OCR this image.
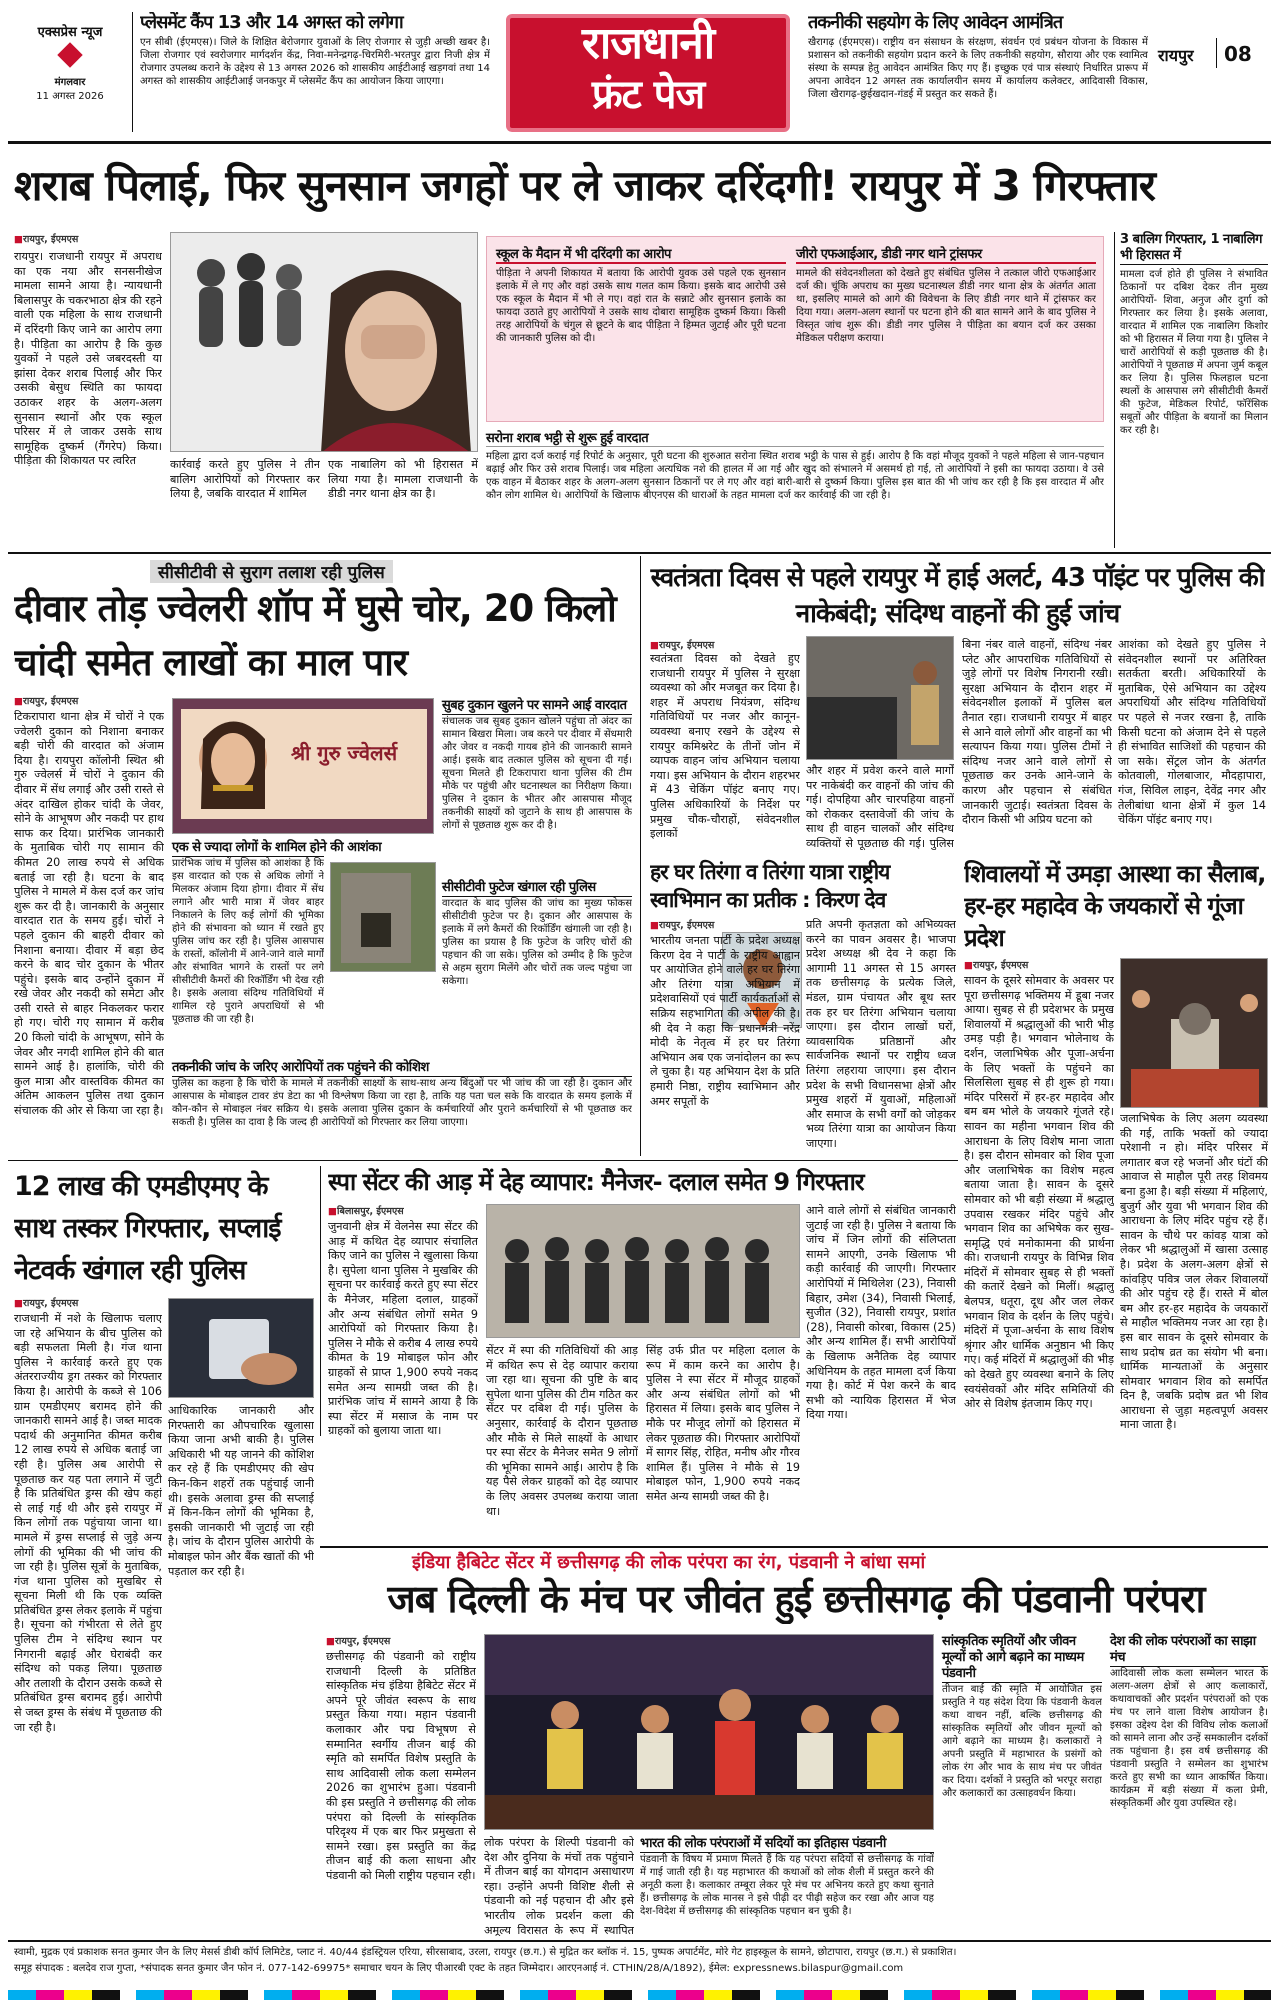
एक्सप्रेस न्यूज
मंगलवार
11 अगस्त 2026
प्लेसमेंट कैंप 13 और 14 अगस्त को लगेगा
एन सीबी (ईएमएस)। जिले के शिक्षित बेरोजगार युवाओं के लिए रोजगार से जुड़ी अच्छी खबर है। जिला रोजगार एवं स्वरोजगार मार्गदर्शन केंद्र, निवा-मनेन्द्रगढ़-चिरमिरी-भरतपुर द्वारा निजी क्षेत्र में रोजगार उपलब्ध कराने के उद्देश्य से 13 अगस्त 2026 को शासकीय आईटीआई खड़गवां तथा 14 अगस्त को शासकीय आईटीआई जनकपुर में प्लेसमेंट कैंप का आयोजन किया जाएगा।
राजधानी
फ्रंट पेज
तकनीकी सहयोग के लिए आवेदन आमंत्रित
खैरागढ़ (ईएमएस)। राष्ट्रीय वन संसाधन के संरक्षण, संवर्धन एवं प्रबंधन योजना के विकास में प्रशासन को तकनीकी सहयोग प्रदान करने के लिए तकनीकी सहयोग, सौराया और एक स्वामित्व संस्था के सम्पन्न हेतु आवेदन आमंत्रित किए गए हैं। इच्छुक एवं पात्र संस्थाएं निर्धारित प्रारूप में अपना आवेदन 12 अगस्त तक कार्यालयीन समय में कार्यालय कलेक्टर, आदिवासी विकास, जिला खैरागढ़-छुईखदान-गंडई में प्रस्तुत कर सकते हैं।
रायपुर 08
शराब पिलाई, फिर सुनसान जगहों पर ले जाकर दरिंदगी! रायपुर में 3 गिरफ्तार
■ रायपुर, ईएमएस
रायपुर। राजधानी रायपुर में अपराध का एक नया और सनसनीखेज मामला सामने आया है। न्यायधानी बिलासपुर के चकरभाठा क्षेत्र की रहने वाली एक महिला के साथ राजधानी में दरिंदगी किए जाने का आरोप लगा है। पीड़िता का आरोप है कि कुछ युवकों ने पहले उसे जबरदस्ती या झांसा देकर शराब पिलाई और फिर उसकी बेसुध स्थिति का फायदा उठाकर शहर के अलग-अलग सुनसान स्थानों और एक स्कूल परिसर में ले जाकर उसके साथ सामूहिक दुष्कर्म (गैंगरेप) किया। पीड़िता की शिकायत पर त्वरित	कार्रवाई करते हुए पुलिस ने तीन बालिग आरोपियों को गिरफ्तार कर लिया है, जबकि वारदात में शामिल
एक नाबालिग को भी हिरासत में लिया गया है। मामला राजधानी के डीडी नगर थाना क्षेत्र का है।
स्कूल के मैदान में भी दरिंदगी का आरोप
पीड़िता ने अपनी शिकायत में बताया कि आरोपी युवक उसे पहले एक सुनसान इलाके में ले गए और वहां उसके साथ गलत काम किया। इसके बाद आरोपी उसे एक स्कूल के मैदान में भी ले गए। वहां रात के सन्नाटे और सुनसान इलाके का फायदा उठाते हुए आरोपियों ने उसके साथ दोबारा सामूहिक दुष्कर्म किया। किसी तरह आरोपियों के चंगुल से छूटने के बाद पीड़िता ने हिम्मत जुटाई और पूरी घटना की जानकारी पुलिस को दी।
जीरो एफआईआर, डीडी नगर थाने ट्रांसफर
मामले की संवेदनशीलता को देखते हुए संबंधित पुलिस ने तत्काल जीरो एफआईआर दर्ज की। चूंकि अपराध का मुख्य घटनास्थल डीडी नगर थाना क्षेत्र के अंतर्गत आता था, इसलिए मामले को आगे की विवेचना के लिए डीडी नगर थाने में ट्रांसफर कर दिया गया। अलग-अलग स्थानों पर घटना होने की बात सामने आने के बाद पुलिस ने विस्तृत जांच शुरू की। डीडी नगर पुलिस ने पीड़िता का बयान दर्ज कर उसका मेडिकल परीक्षण कराया।
सरोना शराब भट्ठी से शुरू हुई वारदात
महिला द्वारा दर्ज कराई गई रिपोर्ट के अनुसार, पूरी घटना की शुरुआत सरोना स्थित शराब भट्ठी के पास से हुई। आरोप है कि वहां मौजूद युवकों ने पहले महिला से जान-पहचान बढ़ाई और फिर उसे शराब पिलाई। जब महिला अत्यधिक नशे की हालत में आ गई और खुद को संभालने में असमर्थ हो गई, तो आरोपियों ने इसी का फायदा उठाया। वे उसे एक वाहन में बैठाकर शहर के अलग-अलग सुनसान ठिकानों पर ले गए और वहां बारी-बारी से दुष्कर्म किया। पुलिस इस बात की भी जांच कर रही है कि इस वारदात में और कौन लोग शामिल थे। आरोपियों के खिलाफ बीएनएस की धाराओं के तहत मामला दर्ज कर कार्रवाई की जा रही है।
3 बालिग गिरफ्तार, 1 नाबालिग भी हिरासत में
मामला दर्ज होते ही पुलिस ने संभावित ठिकानों पर दबिश देकर तीन मुख्य आरोपियों- शिवा, अनुज और दुर्गा को गिरफ्तार कर लिया है। इसके अलावा, वारदात में शामिल एक नाबालिग किशोर को भी हिरासत में लिया गया है। पुलिस ने चारों आरोपियों से कड़ी पूछताछ की है। आरोपियों ने पूछताछ में अपना जुर्म कबूल कर लिया है। पुलिस फिलहाल घटना स्थलों के आसपास लगे सीसीटीवी कैमरों की फुटेज, मेडिकल रिपोर्ट, फॉरेंसिक सबूतों और पीड़िता के बयानों का मिलान कर रही है।
सीसीटीवी से सुराग तलाश रही पुलिस
दीवार तोड़ ज्वेलरी शॉप में घुसे चोर, 20 किलो चांदी समेत लाखों का माल पार
■ रायपुर, ईएमएस
टिकरापारा थाना क्षेत्र में चोरों ने एक ज्वेलरी दुकान को निशाना बनाकर बड़ी चोरी की वारदात को अंजाम दिया है। रायपुरा कॉलोनी स्थित श्री गुरु ज्वेलर्स में चोरों ने दुकान की दीवार में सेंध लगाई और उसी रास्ते से अंदर दाखिल होकर चांदी के जेवर, सोने के आभूषण और नकदी पर हाथ साफ कर दिया। प्रारंभिक जानकारी के मुताबिक चोरी गए सामान की कीमत 20 लाख रुपये से अधिक बताई जा रही है। घटना के बाद पुलिस ने मामले में केस दर्ज कर जांच शुरू कर दी है। जानकारी के अनुसार वारदात रात के समय हुई। चोरों ने पहले दुकान की बाहरी दीवार को निशाना बनाया। दीवार में बड़ा छेद करने के बाद चोर दुकान के भीतर पहुंचे। इसके बाद उन्होंने दुकान में रखे जेवर और नकदी को समेटा और उसी रास्ते से बाहर निकलकर फरार हो गए। चोरी गए सामान में करीब 20 किलो चांदी के आभूषण, सोने के जेवर और नगदी शामिल होने की बात सामने आई है। हालांकि, चोरी की कुल मात्रा और वास्तविक कीमत का अंतिम आकलन पुलिस तथा दुकान संचालक की ओर से किया जा रहा है।
श्री गुरु ज्वेलर्स
सुबह दुकान खुलने पर सामने आई वारदात
संचालक जब सुबह दुकान खोलने पहुंचा तो अंदर का सामान बिखरा मिला। जब करने पर दीवार में सेंधमारी और जेवर व नकदी गायब होने की जानकारी सामने आई। इसके बाद तत्काल पुलिस को सूचना दी गई। सूचना मिलते ही टिकरापारा थाना पुलिस की टीम मौके पर पहुंची और घटनास्थल का निरीक्षण किया। पुलिस ने दुकान के भीतर और आसपास मौजूद तकनीकी साक्ष्यों को जुटाने के साथ ही आसपास के लोगों से पूछताछ शुरू कर दी है।
एक से ज्यादा लोगों के शामिल होने की आशंका
प्रारंभिक जांच में पुलिस को आशंका है कि इस वारदात को एक से अधिक लोगों ने मिलकर अंजाम दिया होगा। दीवार में सेंध लगाने और भारी मात्रा में जेवर बाहर निकालने के लिए कई लोगों की भूमिका होने की संभावना को ध्यान में रखते हुए पुलिस जांच कर रही है। पुलिस आसपास के रास्तों, कॉलोनी में आने-जाने वाले मार्गों और संभावित भागने के रास्तों पर लगे सीसीटीवी कैमरों की रिकॉर्डिंग भी देख रही है। इसके अलावा संदिग्ध गतिविधियों में शामिल रहे पुराने अपराधियों से भी पूछताछ की जा रही है।
सीसीटीवी फुटेज खंगाल रही पुलिस
वारदात के बाद पुलिस की जांच का मुख्य फोकस सीसीटीवी फुटेज पर है। दुकान और आसपास के इलाके में लगे कैमरों की रिकॉर्डिंग खंगाली जा रही है। पुलिस का प्रयास है कि फुटेज के जरिए चोरों की पहचान की जा सके। पुलिस को उम्मीद है कि फुटेज से अहम सुराग मिलेंगे और चोरों तक जल्द पहुंचा जा सकेगा।
तकनीकी जांच के जरिए आरोपियों तक पहुंचने की कोशिश
पुलिस का कहना है कि चोरी के मामले में तकनीकी साक्ष्यों के साथ-साथ अन्य बिंदुओं पर भी जांच की जा रही है। दुकान और आसपास के मोबाइल टावर डंप डेटा का भी विश्लेषण किया जा रहा है, ताकि यह पता चल सके कि वारदात के समय इलाके में कौन-कौन से मोबाइल नंबर सक्रिय थे। इसके अलावा पुलिस दुकान के कर्मचारियों और पुराने कर्मचारियों से भी पूछताछ कर सकती है। पुलिस का दावा है कि जल्द ही आरोपियों को गिरफ्तार कर लिया जाएगा।
स्वतंत्रता दिवस से पहले रायपुर में हाई अलर्ट, 43 पॉइंट पर पुलिस की नाकेबंदी; संदिग्ध वाहनों की हुई जांच
■ रायपुर, ईएमएस
स्वतंत्रता दिवस को देखते हुए राजधानी रायपुर में पुलिस ने सुरक्षा व्यवस्था को और मजबूत कर दिया है। शहर में अपराध नियंत्रण, संदिग्ध गतिविधियों पर नजर और कानून-व्यवस्था बनाए रखने के उद्देश्य से रायपुर कमिश्नरेट के तीनों जोन में व्यापक वाहन जांच अभियान चलाया गया। इस अभियान के दौरान शहरभर में 43 चेकिंग पॉइंट बनाए गए। पुलिस अधिकारियों के निर्देश पर प्रमुख चौक-चौराहों, संवेदनशील इलाकों
और शहर में प्रवेश करने वाले मार्गों पर नाकेबंदी कर वाहनों की जांच की गई। दोपहिया और चारपहिया वाहनों को रोककर दस्तावेजों की जांच के साथ ही वाहन चालकों और संदिग्ध व्यक्तियों से पूछताछ की गई। पुलिस
बिना नंबर वाले वाहनों, संदिग्ध नंबर प्लेट और आपराधिक गतिविधियों से जुड़े लोगों पर विशेष निगरानी रखी। सुरक्षा अभियान के दौरान शहर में संवेदनशील इलाकों में पुलिस बल तैनात रहा। राजधानी रायपुर में बाहर से आने वाले लोगों और वाहनों का भी सत्यापन किया गया। पुलिस टीमों ने संदिग्ध नजर आने वाले लोगों से पूछताछ कर उनके आने-जाने के कारण और पहचान से संबंधित जानकारी जुटाई। स्वतंत्रता दिवस के दौरान किसी भी अप्रिय घटना को
आशंका को देखते हुए पुलिस ने संवेदनशील स्थानों पर अतिरिक्त सतर्कता बरती। अधिकारियों के मुताबिक, ऐसे अभियान का उद्देश्य अपराधियों और संदिग्ध गतिविधियों पर पहले से नजर रखना है, ताकि किसी घटना को अंजाम देने से पहले ही संभावित साजिशों की पहचान की जा सके। सेंट्रल जोन के अंतर्गत कोतवाली, गोलबाजार, मौदहापारा, गंज, सिविल लाइन, देवेंद्र नगर और तेलीबांधा थाना क्षेत्रों में कुल 14 चेकिंग पॉइंट बनाए गए।
हर घर तिरंगा व तिरंगा यात्रा राष्ट्रीय स्वाभिमान का प्रतीक : किरण देव
■ रायपुर, ईएमएस
भारतीय जनता पार्टी के प्रदेश अध्यक्ष किरण देव ने पार्टी के राष्ट्रीय आह्वान पर आयोजित होने वाले हर घर तिरंगा और तिरंगा यात्रा अभियान में प्रदेशवासियों एवं पार्टी कार्यकर्ताओं से सक्रिय सहभागिता की अपील की है। श्री देव ने कहा कि प्रधानमंत्री नरेंद्र मोदी के नेतृत्व में हर घर तिरंगा अभियान अब एक जनांदोलन का रूप ले चुका है। यह अभियान देश के प्रति हमारी निष्ठा, राष्ट्रीय स्वाभिमान और अमर सपूतों के
प्रति अपनी कृतज्ञता को अभिव्यक्त करने का पावन अवसर है। भाजपा प्रदेश अध्यक्ष श्री देव ने कहा कि आगामी 11 अगस्त से 15 अगस्त तक छत्तीसगढ़ के प्रत्येक जिले, मंडल, ग्राम पंचायत और बूथ स्तर तक हर घर तिरंगा अभियान चलाया जाएगा। इस दौरान लाखों घरों, व्यावसायिक प्रतिष्ठानों और सार्वजनिक स्थानों पर राष्ट्रीय ध्वज तिरंगा लहराया जाएगा। इस दौरान प्रदेश के सभी विधानसभा क्षेत्रों और प्रमुख शहरों में युवाओं, महिलाओं और समाज के सभी वर्गों को जोड़कर भव्य तिरंगा यात्रा का आयोजन किया जाएगा।
शिवालयों में उमड़ा आस्था का सैलाब, हर-हर महादेव के जयकारों से गूंजा प्रदेश
■ रायपुर, ईएमएस
सावन के दूसरे सोमवार के अवसर पर पूरा छत्तीसगढ़ भक्तिमय में डूबा नजर आया। सुबह से ही प्रदेशभर के प्रमुख शिवालयों में श्रद्धालुओं की भारी भीड़ उमड़ पड़ी है। भगवान भोलेनाथ के दर्शन, जलाभिषेक और पूजा-अर्चना के लिए भक्तों के पहुंचने का सिलसिला सुबह से ही शुरू हो गया। मंदिर परिसरों में हर-हर महादेव और बम बम भोले के जयकारे गूंजते रहे। सावन का महीना भगवान शिव की आराधना के लिए विशेष माना जाता है। इस दौरान सोमवार को शिव पूजा और जलाभिषेक का विशेष महत्व बताया जाता है। सावन के दूसरे सोमवार को भी बड़ी संख्या में श्रद्धालु उपवास रखकर मंदिर पहुंचे और भगवान शिव का अभिषेक कर सुख-समृद्धि एवं मनोकामना की प्रार्थना की। राजधानी रायपुर के विभिन्न शिव मंदिरों में सोमवार सुबह से ही भक्तों की कतारें देखने को मिलीं। श्रद्धालु बेलपत्र, धतूरा, दूध और जल लेकर भगवान शिव के दर्शन के लिए पहुंचे। मंदिरों में पूजा-अर्चना के साथ विशेष श्रृंगार और धार्मिक अनुष्ठान भी किए गए। कई मंदिरों में श्रद्धालुओं की भीड़ को देखते हुए व्यवस्था बनाने के लिए स्वयंसेवकों और मंदिर समितियों की ओर से विशेष इंतजाम किए गए।
जलाभिषेक के लिए अलग व्यवस्था की गई, ताकि भक्तों को ज्यादा परेशानी न हो। मंदिर परिसर में लगातार बज रहे भजनों और घंटों की आवाज से माहौल पूरी तरह शिवमय बना हुआ है। बड़ी संख्या में महिलाएं, बुजुर्ग और युवा भी भगवान शिव की आराधना के लिए मंदिर पहुंच रहे हैं। सावन के चौथे पर कांवड़ यात्रा को लेकर भी श्रद्धालुओं में खासा उत्साह है। प्रदेश के अलग-अलग क्षेत्रों से कांवड़िए पवित्र जल लेकर शिवालयों की ओर पहुंच रहे हैं। रास्ते में बोल बम और हर-हर महादेव के जयकारों से माहौल भक्तिमय नजर आ रहा है। इस बार सावन के दूसरे सोमवार के साथ प्रदोष व्रत का संयोग भी बना। धार्मिक मान्यताओं के अनुसार सोमवार भगवान शिव को समर्पित दिन है, जबकि प्रदोष व्रत भी शिव आराधना से जुड़ा महत्वपूर्ण अवसर माना जाता है।
12 लाख की एमडीएमए के साथ तस्कर गिरफ्तार, सप्लाई नेटवर्क खंगाल रही पुलिस
■ रायपुर, ईएमएस
राजधानी में नशे के खिलाफ चलाए जा रहे अभियान के बीच पुलिस को बड़ी सफलता मिली है। गंज थाना पुलिस ने कार्रवाई करते हुए एक अंतरराज्यीय ड्रग तस्कर को गिरफ्तार किया है। आरोपी के कब्जे से 106 ग्राम एमडीएमए बरामद होने की जानकारी सामने आई है। जब्त मादक पदार्थ की अनुमानित कीमत करीब 12 लाख रुपये से अधिक बताई जा रही है। पुलिस अब आरोपी से पूछताछ कर यह पता लगाने में जुटी है कि प्रतिबंधित ड्रग्स की खेप कहां से लाई गई थी और इसे रायपुर में किन लोगों तक पहुंचाया जाना था। मामले में ड्रग्स सप्लाई से जुड़े अन्य लोगों की भूमिका की भी जांच की जा रही है। पुलिस सूत्रों के मुताबिक, गंज थाना पुलिस को मुखबिर से सूचना मिली थी कि एक व्यक्ति प्रतिबंधित ड्रग्स लेकर इलाके में पहुंचा है। सूचना को गंभीरता से लेते हुए पुलिस टीम ने संदिग्ध स्थान पर निगरानी बढ़ाई और घेराबंदी कर संदिग्ध को पकड़ लिया। पूछताछ और तलाशी के दौरान उसके कब्जे से प्रतिबंधित ड्रग्स बरामद हुई। आरोपी से जब्त ड्रग्स के संबंध में पूछताछ की जा रही है।
आधिकारिक जानकारी और गिरफ्तारी का औपचारिक खुलासा किया जाना अभी बाकी है। पुलिस अधिकारी भी यह जानने की कोशिश कर रहे हैं कि एमडीएमए की खेप किन-किन शहरों तक पहुंचाई जानी थी। इसके अलावा ड्रग्स की सप्लाई में किन-किन लोगों की भूमिका है, इसकी जानकारी भी जुटाई जा रही है। जांच के दौरान पुलिस आरोपी के मोबाइल फोन और बैंक खातों की भी पड़ताल कर रही है।
स्पा सेंटर की आड़ में देह व्यापार: मैनेजर- दलाल समेत 9 गिरफ्तार
■ बिलासपुर, ईएमएस
जुनवानी क्षेत्र में वेलनेस स्पा सेंटर की आड़ में कथित देह व्यापार संचालित किए जाने का पुलिस ने खुलासा किया है। सुपेला थाना पुलिस ने मुखबिर की सूचना पर कार्रवाई करते हुए स्पा सेंटर के मैनेजर, महिला दलाल, ग्राहकों और अन्य संबंधित लोगों समेत 9 आरोपियों को गिरफ्तार किया है। पुलिस ने मौके से करीब 4 लाख रुपये कीमत के 19 मोबाइल फोन और ग्राहकों से प्राप्त 1,900 रुपये नकद समेत अन्य सामग्री जब्त की है। प्रारंभिक जांच में सामने आया है कि स्पा सेंटर में मसाज के नाम पर ग्राहकों को बुलाया जाता था।
सेंटर में स्पा की गतिविधियों की आड़ में कथित रूप से देह व्यापार कराया जा रहा था। सूचना की पुष्टि के बाद सुपेला थाना पुलिस की टीम गठित कर सेंटर पर दबिश दी गई। पुलिस के अनुसार, कार्रवाई के दौरान पूछताछ और मौके से मिले साक्ष्यों के आधार पर स्पा सेंटर के मैनेजर समेत 9 लोगों की भूमिका सामने आई। आरोप है कि यह पैसे लेकर ग्राहकों को देह व्यापार के लिए अवसर उपलब्ध कराया जाता था।
सिंह उर्फ प्रीत पर महिला दलाल के रूप में काम करने का आरोप है। पुलिस ने स्पा सेंटर में मौजूद ग्राहकों और अन्य संबंधित लोगों को भी हिरासत में लिया। इसके बाद पुलिस ने मौके पर मौजूद लोगों को हिरासत में लेकर पूछताछ की। गिरफ्तार आरोपियों में सागर सिंह, रोहित, मनीष और गौरव शामिल हैं। पुलिस ने मौके से 19 मोबाइल फोन, 1,900 रुपये नकद समेत अन्य सामग्री जब्त की है।
आने वाले लोगों से संबंधित जानकारी जुटाई जा रही है। पुलिस ने बताया कि जांच में जिन लोगों की संलिप्तता सामने आएगी, उनके खिलाफ भी कड़ी कार्रवाई की जाएगी। गिरफ्तार आरोपियों में मिथिलेश (23), निवासी बिहार, उमेश (34), निवासी भिलाई, सुजीत (32), निवासी रायपुर, प्रशांत (28), निवासी कोरबा, विकास (25) और अन्य शामिल हैं। सभी आरोपियों के खिलाफ अनैतिक देह व्यापार अधिनियम के तहत मामला दर्ज किया गया है। कोर्ट में पेश करने के बाद सभी को न्यायिक हिरासत में भेज दिया गया।
इंडिया हैबिटेट सेंटर में छत्तीसगढ़ की लोक परंपरा का रंग, पंडवानी ने बांधा समां
जब दिल्ली के मंच पर जीवंत हुई छत्तीसगढ़ की पंडवानी परंपरा
■ रायपुर, ईएमएस
छत्तीसगढ़ की पंडवानी को राष्ट्रीय राजधानी दिल्ली के प्रतिष्ठित सांस्कृतिक मंच इंडिया हैबिटेट सेंटर में अपने पूरे जीवंत स्वरूप के साथ प्रस्तुत किया गया। महान पंडवानी कलाकार और पद्म विभूषण से सम्मानित स्वर्गीय तीजन बाई की स्मृति को समर्पित विशेष प्रस्तुति के साथ आदिवासी लोक कला सम्मेलन 2026 का शुभारंभ हुआ। पंडवानी की इस प्रस्तुति ने छत्तीसगढ़ की लोक परंपरा को दिल्ली के सांस्कृतिक परिदृश्य में एक बार फिर प्रमुखता से सामने रखा। इस प्रस्तुति का केंद्र तीजन बाई की कला साधना और पंडवानी को मिली राष्ट्रीय पहचान रही।
लोक परंपरा के शिल्पी पंडवानी को देश और दुनिया के मंचों तक पहुंचाने में तीजन बाई का योगदान असाधारण रहा। उन्होंने अपनी विशिष्ट शैली से पंडवानी को नई पहचान दी और इसे भारतीय लोक प्रदर्शन कला की अमूल्य विरासत के रूप में स्थापित
भारत की लोक परंपराओं में सदियों का इतिहास पंडवानी
पंडवानी के विषय में प्रमाण मिलते हैं कि यह परंपरा सदियों से छत्तीसगढ़ के गांवों में गाई जाती रही है। यह महाभारत की कथाओं को लोक शैली में प्रस्तुत करने की अनूठी कला है। कलाकार तम्बूरा लेकर पूरे मंच पर अभिनय करते हुए कथा सुनाते हैं। छत्तीसगढ़ के लोक मानस ने इसे पीढ़ी दर पीढ़ी सहेज कर रखा और आज यह देश-विदेश में छत्तीसगढ़ की सांस्कृतिक पहचान बन चुकी है।
सांस्कृतिक स्मृतियों और जीवन मूल्यों को आगे बढ़ाने का माध्यम पंडवानी
तीजन बाई की स्मृति में आयोजित इस प्रस्तुति ने यह संदेश दिया कि पंडवानी केवल कथा वाचन नहीं, बल्कि छत्तीसगढ़ की सांस्कृतिक स्मृतियों और जीवन मूल्यों को आगे बढ़ाने का माध्यम है। कलाकारों ने अपनी प्रस्तुति में महाभारत के प्रसंगों को लोक रंग और भाव के साथ मंच पर जीवंत कर दिया। दर्शकों ने प्रस्तुति को भरपूर सराहा और कलाकारों का उत्साहवर्धन किया।
देश की लोक परंपराओं का साझा मंच
आदिवासी लोक कला सम्मेलन भारत के अलग-अलग क्षेत्रों से आए कलाकारों, कथावाचकों और प्रदर्शन परंपराओं को एक मंच पर लाने वाला विशेष आयोजन है। इसका उद्देश्य देश की विविध लोक कलाओं को सामने लाना और उन्हें समकालीन दर्शकों तक पहुंचाना है। इस वर्ष छत्तीसगढ़ की पंडवानी प्रस्तुति ने सम्मेलन का शुभारंभ करते हुए सभी का ध्यान आकर्षित किया। कार्यक्रम में बड़ी संख्या में कला प्रेमी, संस्कृतिकर्मी और युवा उपस्थित रहे।
स्वामी, मुद्रक एवं प्रकाशक सनत कुमार जैन के लिए मेसर्स डीबी कॉर्प लिमिटेड, प्लाट नं. 40/44 इंडस्ट्रियल एरिया, सीरसाबाद, उरला, रायपुर (छ.ग.) से मुद्रित कर ब्लॉक नं. 15, पुष्पक अपार्टमेंट, मोरे गेट हाइस्कूल के सामने, छोटापारा, रायपुर (छ.ग.) से प्रकाशित।
समूह संपादक : बलदेव राज गुप्ता, *संपादक सनत कुमार जैन फोन नं. 077-142-69975* समाचार चयन के लिए पीआरबी एक्ट के तहत जिम्मेदार। आरएनआई नं. CTHIN/28/A/1892), ईमेल: expressnews.bilaspur@gmail.com
